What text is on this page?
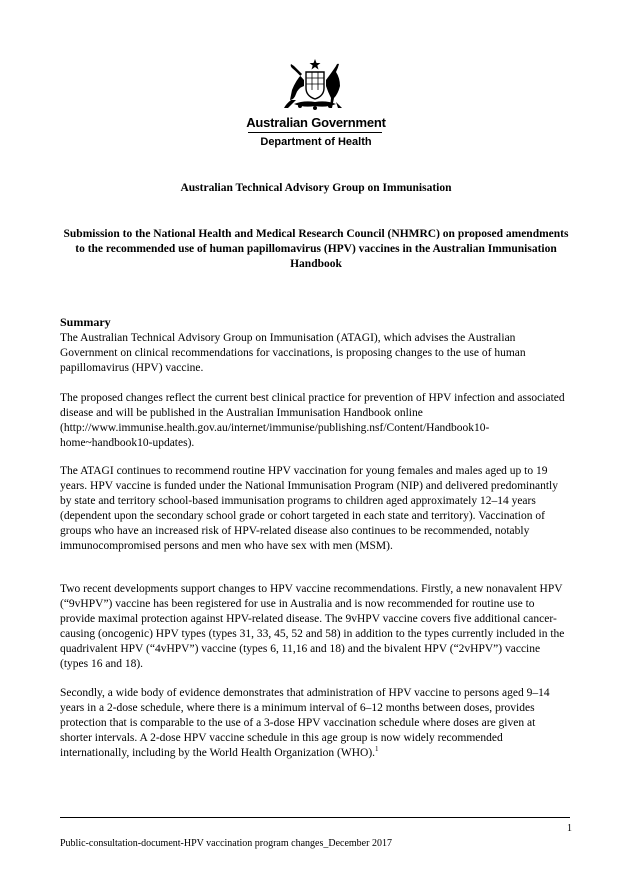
Australian Government
Department of Health
Australian Technical Advisory Group on Immunisation
Submission to the National Health and Medical Research Council (NHMRC) on proposed amendments to the recommended use of human papillomavirus (HPV) vaccines in the Australian Immunisation Handbook
Summary

The Australian Technical Advisory Group on Immunisation (ATAGI), which advises the Australian Government on clinical recommendations for vaccinations, is proposing changes to the use of human papillomavirus (HPV) vaccine.

The proposed changes reflect the current best clinical practice for prevention of HPV infection and associated disease and will be published in the Australian Immunisation Handbook online (http://www.immunise.health.gov.au/internet/immunise/publishing.nsf/Content/Handbook10-home~handbook10-updates).

The ATAGI continues to recommend routine HPV vaccination for young females and males aged up to 19 years. HPV vaccine is funded under the National Immunisation Program (NIP) and delivered predominantly by state and territory school-based immunisation programs to children aged approximately 12–14 years (dependent upon the secondary school grade or cohort targeted in each state and territory). Vaccination of groups who have an increased risk of HPV-related disease also continues to be recommended, notably immunocompromised persons and men who have sex with men (MSM).

Two recent developments support changes to HPV vaccine recommendations. Firstly, a new nonavalent HPV (“9vHPV”) vaccine has been registered for use in Australia and is now recommended for routine use to provide maximal protection against HPV-related disease. The 9vHPV vaccine covers five additional cancer-causing (oncogenic) HPV types (types 31, 33, 45, 52 and 58) in addition to the types currently included in the quadrivalent HPV (“4vHPV”) vaccine (types 6, 11,16 and 18) and the bivalent HPV (“2vHPV”) vaccine (types 16 and 18).

Secondly, a wide body of evidence demonstrates that administration of HPV vaccine to persons aged 9–14 years in a 2-dose schedule, where there is a minimum interval of 6–12 months between doses, provides protection that is comparable to the use of a 3-dose HPV vaccination schedule where doses are given at shorter intervals. A 2-dose HPV vaccine schedule in this age group is now widely recommended internationally, including by the World Health Organization (WHO).$^1$

1
Public-consultation-document-HPV vaccination program changes_December 2017
